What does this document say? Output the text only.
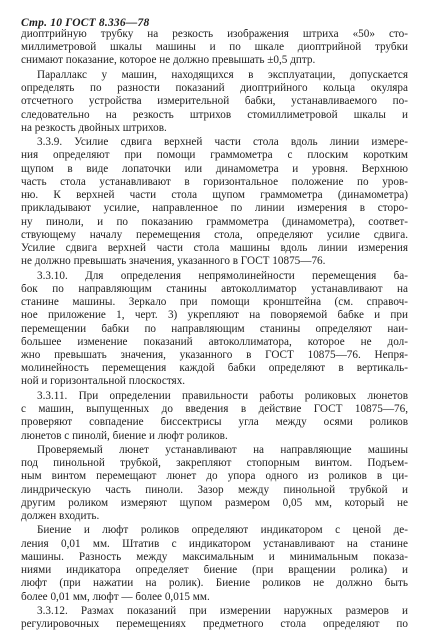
Стр. 10 ГОСТ 8.336—78
диоптрийную трубку на резкость изображения штриха «50» сто-
миллиметровой шкалы машины и по шкале диоптрийной трубки
снимают показание, которое не должно превышать ±0,5 дптр.
Параллакс у машин, находящихся в эксплуатации, допускается
определять по разности показаний диоптрийного кольца окуляра
отсчетного устройства измерительной бабки, устанавливаемого по-
следовательно на резкость штрихов стомиллиметровой шкалы и
на резкость двойных штрихов.
3.3.9. Усилие сдвига верхней части стола вдоль линии измере-
ния определяют при помощи граммометра с плоским коротким
щупом в виде лопаточки или динамометра и уровня. Верхнюю
часть стола устанавливают в горизонтальное положение по уров-
ню. К верхней части стола щупом граммометра (динамометра)
прикладывают усилие, направленное по линии измерения в сторо-
ну пиноли, и по показанию граммометра (динамометра), соответ-
ствующему началу перемещения стола, определяют усилие сдвига.
Усилие сдвига верхней части стола машины вдоль линии измерения
не должно превышать значения, указанного в ГОСТ 10875—76.
3.3.10. Для определения непрямолинейности перемещения ба-
бок по направляющим станины автоколлиматор устанавливают на
станине машины. Зеркало при помощи кронштейна (см. справоч-
ное приложение 1, черт. 3) укрепляют на поворяемой бабке и при
перемещении бабки по направляющим станины определяют наи-
большее изменение показаний автоколлиматора, которое не дол-
жно превышать значения, указанного в ГОСТ 10875—76. Непря-
молинейность перемещения каждой бабки определяют в вертикаль-
ной и горизонтальной плоскостях.
3.3.11. При определении правильности работы роликовых люнетов
с машин, выпущенных до введения в действие ГОСТ 10875—76,
проверяют совпадение биссектрисы угла между осями роликов
люнетов с пинолй, биение и люфт роликов.
Проверяемый люнет устанавливают на направляющие машины
под пинольной трубкой, закрепляют стопорным винтом. Подъем-
ным винтом перемещают люнет до упора одного из роликов в ци-
линдрическую часть пиноли. Зазор между пинольной трубкой и
другим роликом измеряют щупом размером 0,05 мм, который не
должен входить.
Биение и люфт роликов определяют индикатором с ценой де-
ления 0,01 мм. Штатив с индикатором устанавливают на станине
машины. Разность между максимальным и минимальным показа-
ниями индикатора определяет биение (при вращении ролика) и
люфт (при нажатии на ролик). Биение роликов не должно быть
более 0,01 мм, люфт — более 0,015 мм.
3.3.12. Размах показаний при измерении наружных размеров и
регулировочных перемещениях предметного стола определяют по
